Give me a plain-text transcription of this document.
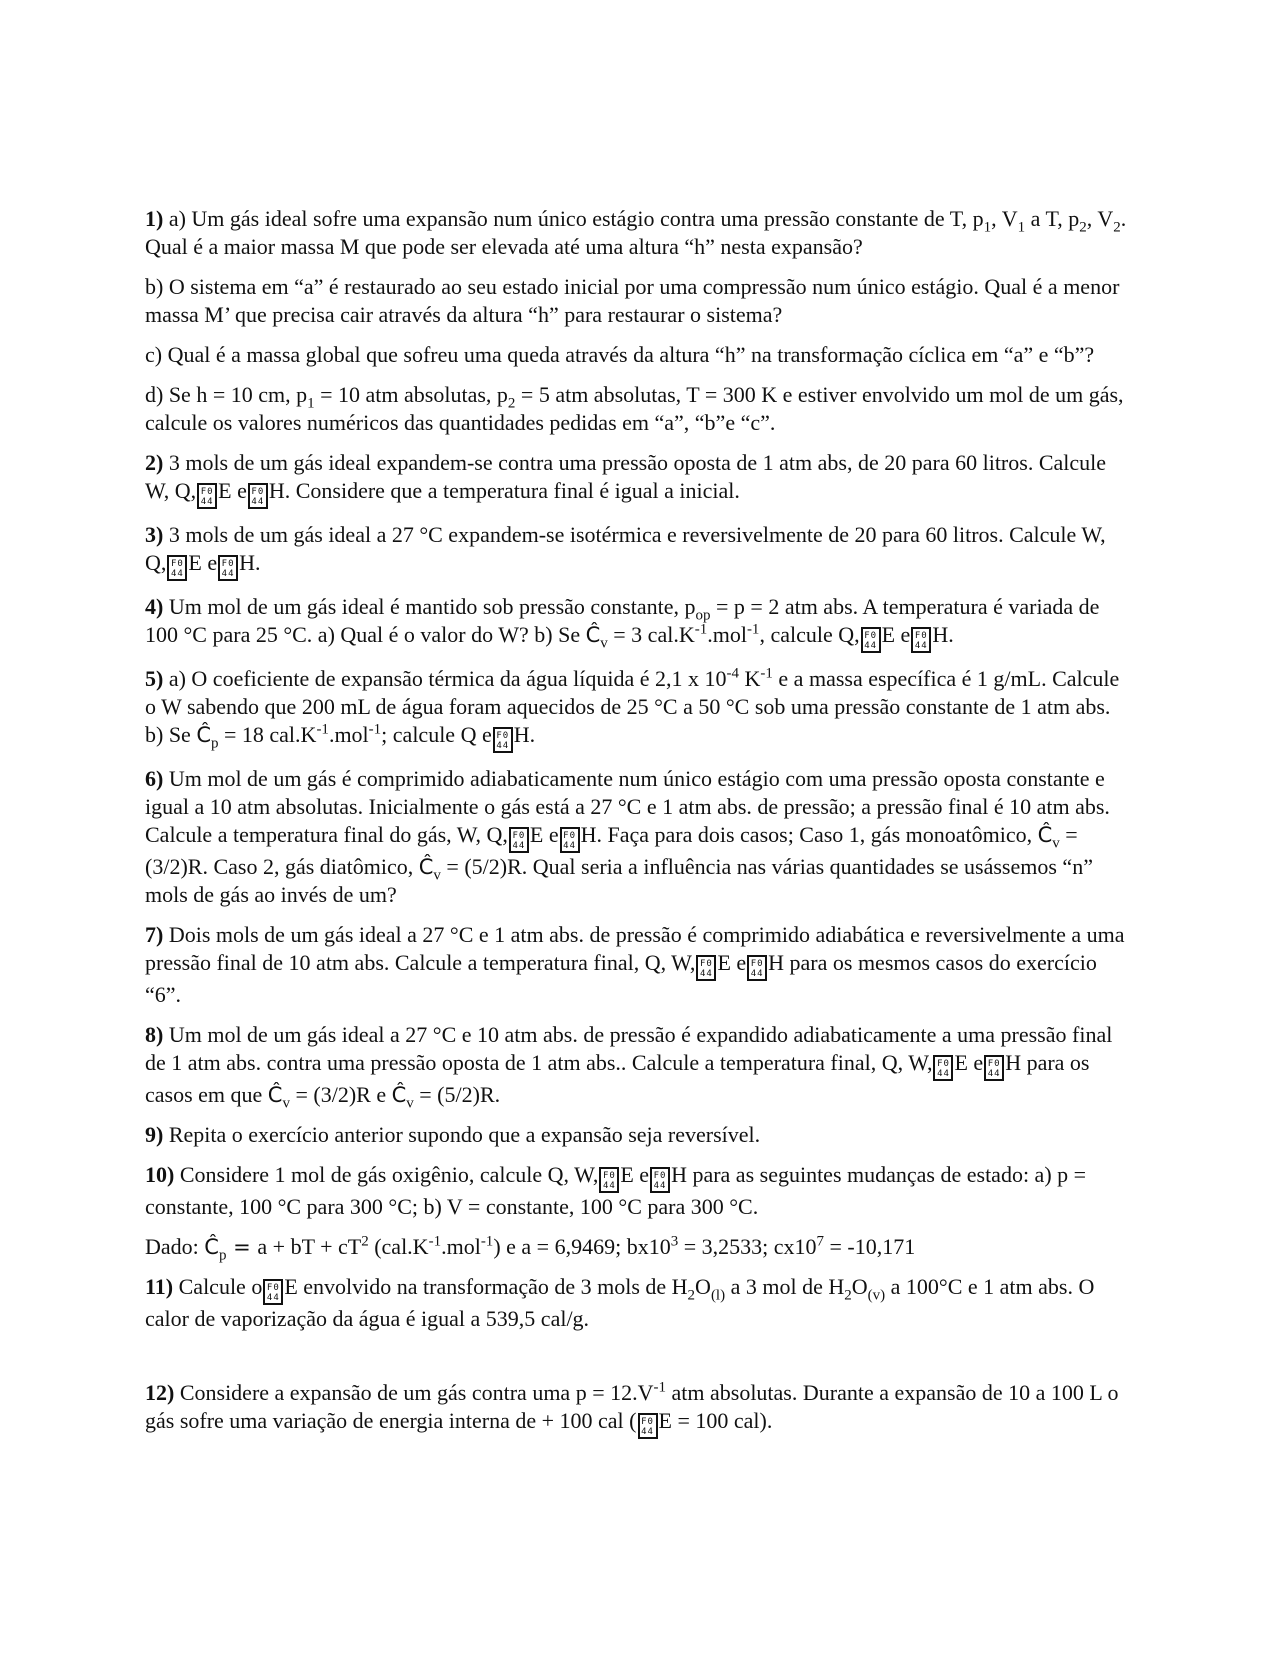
1) a) Um gás ideal sofre uma expansão num único estágio contra uma pressão constante de T, $p_1$, $V_1$ a T, $p_2$, $V_2$. Qual é a maior massa M que pode ser elevada até uma altura “h” nesta expansão?

b) O sistema em “a” é restaurado ao seu estado inicial por uma compressão num único estágio. Qual é a menor massa M’ que precisa cair através da altura “h” para restaurar o sistema?

c) Qual é a massa global que sofreu uma queda através da altura “h” na transformação cíclica em “a” e “b”?

d) Se h = 10 cm, $p_1 = 10$ atm absolutas, $p_2 = 5$ atm absolutas, T = 300 K e estiver envolvido um mol de um gás, calcule os valores numéricos das quantidades pedidas em “a”, “b”e “c”.

2) 3 mols de um gás ideal expandem-se contra uma pressão oposta de 1 atm abs, de 20 para 60 litros. Calcule W, Q, F0
44 E e F0
44 H. Considere que a temperatura final é igual a inicial.

3) 3 mols de um gás ideal a 27 °C expandem-se isotérmica e reversivelmente de 20 para 60 litros. Calcule W, Q, F0
44 E e F0
44 H.

4) Um mol de um gás ideal é mantido sob pressão constante, $p_{op} = p = 2$ atm abs. A temperatura é variada de 100 °C para 25 °C. a) Qual é o valor do W? b) Se $Ĉ_v = 3$ $cal.K^{-1}.mol^{-1}$, calcule Q, F0
44 E e F0
44 H.

5) a) O coeficiente de expansão térmica da água líquida é 2,1 x $10^{-4}$ $K^{-1}$ e a massa específica é 1 g/mL. Calcule o W sabendo que 200 mL de água foram aquecidos de 25 °C a 50 °C sob uma pressão constante de 1 atm abs. b) Se $Ĉ_p = 18$ $cal.K^{-1}.mol^{-1}$; calcule Q e F0
44 H.

6) Um mol de um gás é comprimido adiabaticamente num único estágio com uma pressão oposta constante e igual a 10 atm absolutas. Inicialmente o gás está a 27 °C e 1 atm abs. de pressão; a pressão final é 10 atm abs. Calcule a temperatura final do gás, W, Q, F0
44 E e F0
44 H. Faça para dois casos; Caso 1, gás monoatômico, $Ĉ_v = (3/2)R$. Caso 2, gás diatômico, $Ĉ_v = (5/2)R$. Qual seria a influência nas várias quantidades se usássemos “n” mols de gás ao invés de um?

7) Dois mols de um gás ideal a 27 °C e 1 atm abs. de pressão é comprimido adiabática e reversivelmente a uma pressão final de 10 atm abs. Calcule a temperatura final, Q, W, F0
44 E e F0
44 H para os mesmos casos do exercício “6”.

8) Um mol de um gás ideal a 27 °C e 10 atm abs. de pressão é expandido adiabaticamente a uma pressão final de 1 atm abs. contra uma pressão oposta de 1 atm abs.. Calcule a temperatura final, Q, W, F0
44 E e F0
44 H para os casos em que $Ĉ_v = (3/2)R$ e $Ĉ_v = (5/2)R$.

9) Repita o exercício anterior supondo que a expansão seja reversível.

10) Considere 1 mol de gás oxigênio, calcule Q, W, F0
44 E e F0
44 H para as seguintes mudanças de estado: a) p = constante, 100 °C para 300 °C; b) V = constante, 100 °C para 300 °C.

Dado: $Ĉ_p = a$ + bT + $cT^2$ $(cal.K^{-1}.mol^{-1})$ e a = 6,9469; $bx10^3 = 3,2533$; $cx10^7 = -10,171$

11) Calcule o F0
44 E envolvido na transformação de 3 mols de $H_2O_{(l)}$ a 3 mol de $H_2O_{(v)}$ a 100°C e 1 atm abs. O calor de vaporização da água é igual a 539,5 cal/g.

12) Considere a expansão de um gás contra uma $p = 12.V^{-1}$ atm absolutas. Durante a expansão de 10 a 100 L o gás sofre uma variação de energia interna de + 100 cal ( F0
44 E = 100 cal).
